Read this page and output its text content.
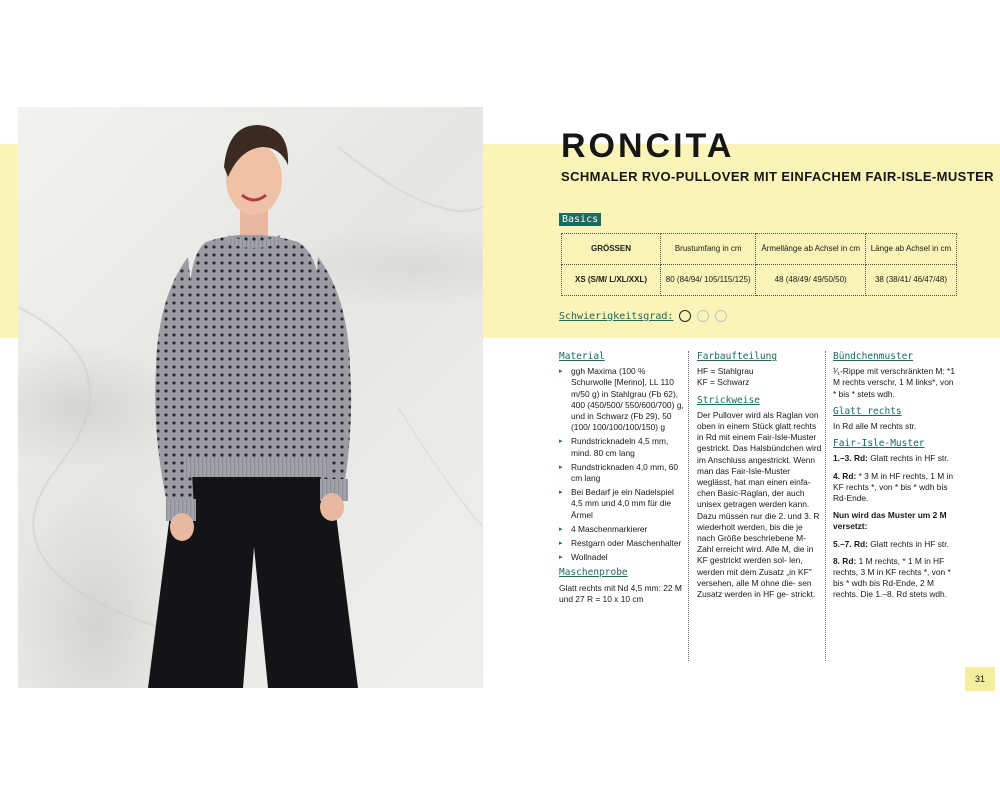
RONCITA
SCHMALER RVO-PULLOVER MIT EINFACHEM FAIR-ISLE-MUSTER
Basics
GRÖSSEN	Brustumfang in cm	Ärmellänge ab Achsel in cm	Länge ab Achsel in cm
XS (S/M/ L/XL/XXL)	80 (84/94/ 105/115/125)	48 (48/49/ 49/50/50)	38 (38/41/ 46/47/48)
Schwierigkeitsgrad:
Material
▸ ggh Maxima (100 % Schurwolle [Merino], LL 110 m/50 g) in Stahlgrau (Fb 62), 400 (450/500/ 550/600/700) g, und in Schwarz (Fb 29), 50 (100/ 100/100/100/150) g
▸ Rundstricknadeln 4,5 mm, mind. 80 cm lang
▸ Rundstricknaden 4,0 mm, 60 cm lang
▸ Bei Bedarf je ein Nadelspiel 4,5 mm und 4,0 mm für die Ärmel
▸ 4 Maschenmarkierer
▸ Restgarn oder Maschenhalter
▸ Wollnadel
Maschenprobe

Glatt rechts mit Nd 4,5 mm: 22 M und 27 R = 10 x 10 cm

Farbaufteilung

HF = Stahlgrau
KF = Schwarz

Strickweise

Der Pullover wird als Raglan von oben in einem Stück glatt rechts in Rd mit einem Fair-Isle-Muster gestrickt. Das Halsbündchen wird im Anschluss angestrickt. Wenn man das Fair-Isle-Muster weglässt, hat man einen einfa- chen Basic-Raglan, der auch unisex getragen werden kann. Dazu müssen nur die 2. und 3. R wiederholt werden, bis die je nach Größe beschriebene M-Zahl erreicht wird. Alle M, die in KF gestrickt werden sol- len, werden mit dem Zusatz „in KF" versehen, alle M ohne die- sen Zusatz werden in HF ge- strickt.

Bündchenmuster

¹⁄₁-Rippe mit verschränkten M: *1 M rechts verschr, 1 M links*, von * bis * stets wdh.

Glatt rechts

In Rd alle M rechts str.

Fair-Isle-Muster

1.–3. Rd: Glatt rechts in HF str.

4. Rd: * 3 M in HF rechts, 1 M in KF rechts *, von * bis * wdh bis Rd-Ende.

Nun wird das Muster um 2 M versetzt:

5.–7. Rd: Glatt rechts in HF str.

8. Rd: 1 M rechts, * 1 M in HF rechts, 3 M in KF rechts *, von * bis * wdh bis Rd-Ende, 2 M rechts. Die 1.–8. Rd stets wdh.

31
